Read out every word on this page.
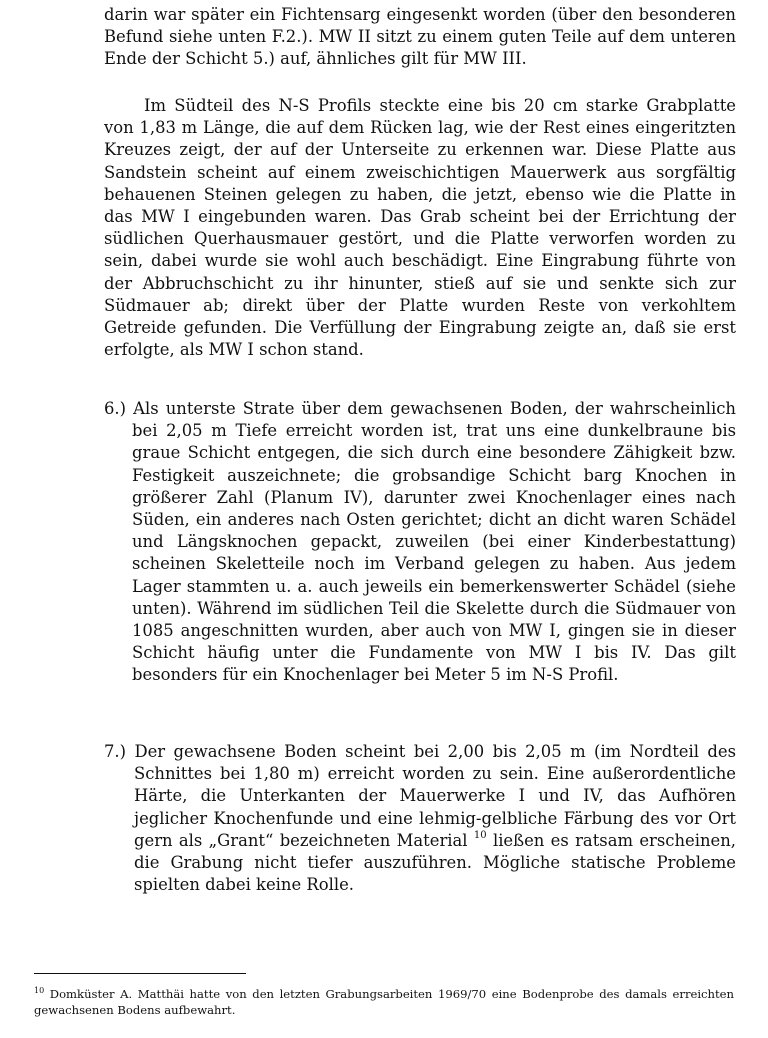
darin war später ein Fichtensarg eingesenkt worden (über den besonderen Befund siehe unten F.2.). MW II sitzt zu einem guten Teile auf dem unteren Ende der Schicht 5.) auf, ähnliches gilt für MW III.

Im Südteil des N-S Profils steckte eine bis 20 cm starke Grabplatte von 1,83 m Länge, die auf dem Rücken lag, wie der Rest eines eingeritzten Kreuzes zeigt, der auf der Unterseite zu erkennen war. Diese Platte aus Sandstein scheint auf einem zweischichtigen Mauerwerk aus sorgfältig behauenen Steinen gelegen zu haben, die jetzt, ebenso wie die Platte in das MW I eingebunden waren. Das Grab scheint bei der Errichtung der südlichen Querhausmauer gestört, und die Platte verworfen worden zu sein, dabei wurde sie wohl auch beschädigt. Eine Eingrabung führte von der Abbruchschicht zu ihr hinunter, stieß auf sie und senkte sich zur Südmauer ab; direkt über der Platte wurden Reste von verkohltem Getreide gefunden. Die Verfüllung der Eingrabung zeigte an, daß sie erst erfolgte, als MW I schon stand.

6.) Als unterste Strate über dem gewachsenen Boden, der wahrscheinlich bei 2,05 m Tiefe erreicht worden ist, trat uns eine dunkelbraune bis graue Schicht entgegen, die sich durch eine besondere Zähigkeit bzw. Festigkeit auszeichnete; die grobsandige Schicht barg Knochen in größerer Zahl (Planum IV), darunter zwei Knochenlager eines nach Süden, ein anderes nach Osten gerichtet; dicht an dicht waren Schädel und Längsknochen gepackt, zuweilen (bei einer Kinderbestattung) scheinen Skeletteile noch im Verband gelegen zu haben. Aus jedem Lager stammten u. a. auch jeweils ein bemerkenswerter Schädel (siehe unten). Während im südlichen Teil die Skelette durch die Südmauer von 1085 angeschnitten wurden, aber auch von MW I, gingen sie in dieser Schicht häufig unter die Fundamente von MW I bis IV. Das gilt besonders für ein Knochenlager bei Meter 5 im N-S Profil.

7.) Der gewachsene Boden scheint bei 2,00 bis 2,05 m (im Nordteil des Schnittes bei 1,80 m) erreicht worden zu sein. Eine außerordentliche Härte, die Unterkanten der Mauerwerke I und IV, das Aufhören jeglicher Knochenfunde und eine lehmig-gelbliche Färbung des vor Ort gern als „Grant“ bezeichneten Material $^{10}$ ließen es ratsam erscheinen, die Grabung nicht tiefer auszuführen. Mögliche statische Probleme spielten dabei keine Rolle.

$^{10}$ Domküster A. Matthäi hatte von den letzten Grabungsarbeiten 1969/70 eine Bodenprobe des damals erreichten gewachsenen Bodens aufbewahrt.
